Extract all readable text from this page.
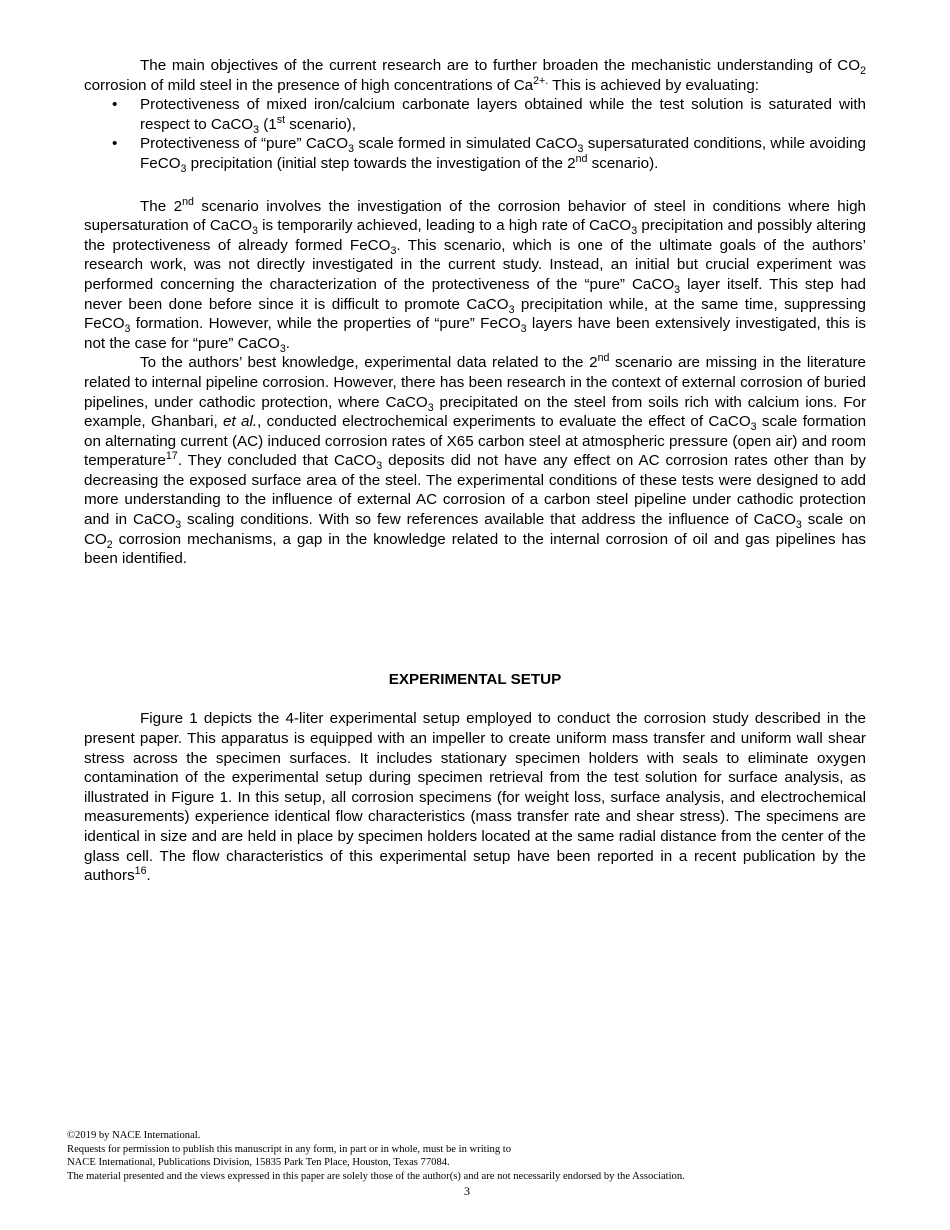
The main objectives of the current research are to further broaden the mechanistic understanding of $CO_2$ corrosion of mild steel in the presence of high concentrations of $Ca^{2+.}$ This is achieved by evaluating:

• Protectiveness of mixed iron/calcium carbonate layers obtained while the test solution is saturated with respect to CaCO$_3$ (1st scenario),
• Protectiveness of “pure” CaCO$_3$ scale formed in simulated CaCO$_3$ supersaturated conditions, while avoiding FeCO$_3$ precipitation (initial step towards the investigation of the 2nd scenario).

The 2nd scenario involves the investigation of the corrosion behavior of steel in conditions where high supersaturation of CaCO$_3$ is temporarily achieved, leading to a high rate of CaCO$_3$ precipitation and possibly altering the protectiveness of already formed FeCO$_3$. This scenario, which is one of the ultimate goals of the authors’ research work, was not directly investigated in the current study. Instead, an initial but crucial experiment was performed concerning the characterization of the protectiveness of the “pure” CaCO$_3$ layer itself. This step had never been done before since it is difficult to promote CaCO$_3$ precipitation while, at the same time, suppressing FeCO$_3$ formation. However, while the properties of “pure” FeCO$_3$ layers have been extensively investigated, this is not the case for “pure” CaCO$_3$.

To the authors’ best knowledge, experimental data related to the 2nd scenario are missing in the literature related to internal pipeline corrosion. However, there has been research in the context of external corrosion of buried pipelines, under cathodic protection, where CaCO$_3$ precipitated on the steel from soils rich with calcium ions. For example, Ghanbari, et al., conducted electrochemical experiments to evaluate the effect of CaCO$_3$ scale formation on alternating current (AC) induced corrosion rates of X65 carbon steel at atmospheric pressure (open air) and room temperature$^{17}$. They concluded that CaCO$_3$ deposits did not have any effect on AC corrosion rates other than by decreasing the exposed surface area of the steel. The experimental conditions of these tests were designed to add more understanding to the influence of external AC corrosion of a carbon steel pipeline under cathodic protection and in CaCO$_3$ scaling conditions. With so few references available that address the influence of CaCO$_3$ scale on $CO_2$ corrosion mechanisms, a gap in the knowledge related to the internal corrosion of oil and gas pipelines has been identified.

EXPERIMENTAL SETUP

Figure 1 depicts the 4-liter experimental setup employed to conduct the corrosion study described in the present paper. This apparatus is equipped with an impeller to create uniform mass transfer and uniform wall shear stress across the specimen surfaces. It includes stationary specimen holders with seals to eliminate oxygen contamination of the experimental setup during specimen retrieval from the test solution for surface analysis, as illustrated in Figure 1. In this setup, all corrosion specimens (for weight loss, surface analysis, and electrochemical measurements) experience identical flow characteristics (mass transfer rate and shear stress). The specimens are identical in size and are held in place by specimen holders located at the same radial distance from the center of the glass cell. The flow characteristics of this experimental setup have been reported in a recent publication by the authors$^{16}$.

©2019 by NACE International.
Requests for permission to publish this manuscript in any form, in part or in whole, must be in writing to
NACE International, Publications Division, 15835 Park Ten Place, Houston, Texas 77084.
The material presented and the views expressed in this paper are solely those of the author(s) and are not necessarily endorsed by the Association.
3
